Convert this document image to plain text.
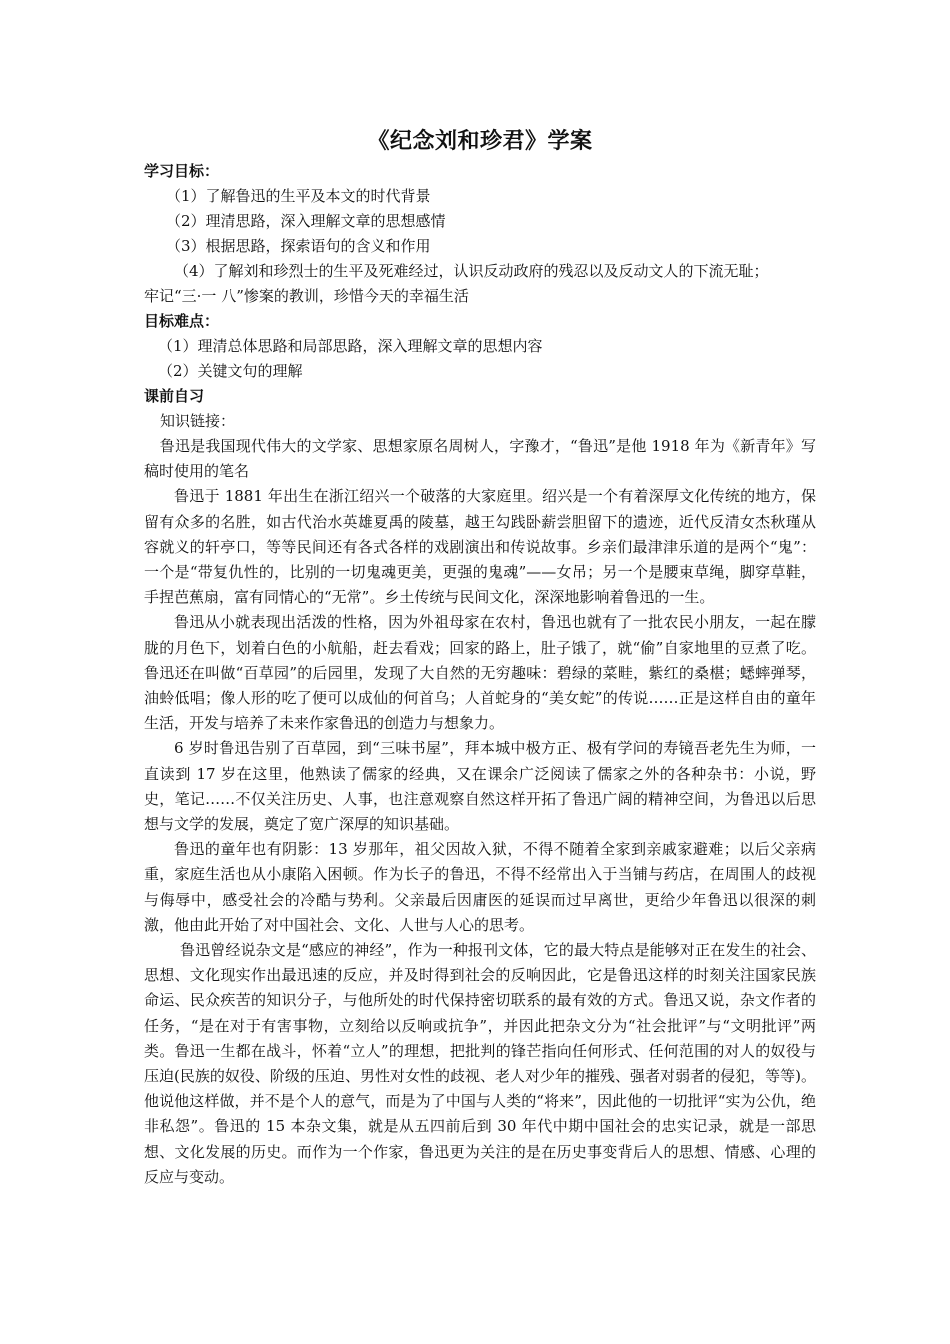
《纪念刘和珍君》学案
学习目标：
（1）了解鲁迅的生平及本文的时代背景
（2）理清思路，深入理解文章的思想感情
（3）根据思路，探索语句的含义和作用
（4）了解刘和珍烈士的生平及死难经过，认识反动政府的残忍以及反动文人的下流无耻；
牢记“三·一 八”惨案的教训，珍惜今天的幸福生活
目标难点：
（1）理清总体思路和局部思路，深入理解文章的思想内容
（2）关键文句的理解
课前自习
知识链接：

鲁迅是我国现代伟大的文学家、思想家原名周树人，字豫才，“鲁迅”是他 1918 年为《新青年》写稿时使用的笔名

鲁迅于 1881 年出生在浙江绍兴一个破落的大家庭里。绍兴是一个有着深厚文化传统的地方，保留有众多的名胜，如古代治水英雄夏禹的陵墓，越王勾践卧薪尝胆留下的遗迹，近代反清女杰秋瑾从容就义的轩亭口，等等民间还有各式各样的戏剧演出和传说故事。乡亲们最津津乐道的是两个“鬼”：一个是“带复仇性的，比别的一切鬼魂更美，更强的鬼魂”——女吊；另一个是腰束草绳，脚穿草鞋，手捏芭蕉扇，富有同情心的“无常”。乡土传统与民间文化，深深地影响着鲁迅的一生。

鲁迅从小就表现出活泼的性格，因为外祖母家在农村，鲁迅也就有了一批农民小朋友，一起在朦胧的月色下，划着白色的小航船，赶去看戏；回家的路上，肚子饿了，就“偷”自家地里的豆煮了吃。鲁迅还在叫做“百草园”的后园里，发现了大自然的无穷趣味：碧绿的菜畦，紫红的桑椹；蟋蟀弹琴，油蛉低唱；像人形的吃了便可以成仙的何首乌；人首蛇身的“美女蛇”的传说……正是这样自由的童年生活，开发与培养了未来作家鲁迅的创造力与想象力。

6 岁时鲁迅告别了百草园，到“三味书屋”，拜本城中极方正、极有学问的寿镜吾老先生为师，一直读到 17 岁在这里，他熟读了儒家的经典，又在课余广泛阅读了儒家之外的各种杂书：小说，野史，笔记……不仅关注历史、人事，也注意观察自然这样开拓了鲁迅广阔的精神空间，为鲁迅以后思想与文学的发展，奠定了宽广深厚的知识基础。

鲁迅的童年也有阴影：13 岁那年，祖父因故入狱，不得不随着全家到亲戚家避难；以后父亲病重，家庭生活也从小康陷入困顿。作为长子的鲁迅，不得不经常出入于当铺与药店，在周围人的歧视与侮辱中，感受社会的冷酷与势利。父亲最后因庸医的延误而过早离世，更给少年鲁迅以很深的刺激，他由此开始了对中国社会、文化、人世与人心的思考。

鲁迅曾经说杂文是“感应的神经”，作为一种报刊文体，它的最大特点是能够对正在发生的社会、思想、文化现实作出最迅速的反应，并及时得到社会的反响因此，它是鲁迅这样的时刻关注国家民族命运、民众疾苦的知识分子，与他所处的时代保持密切联系的最有效的方式。鲁迅又说，杂文作者的任务，“是在对于有害事物，立刻给以反响或抗争”，并因此把杂文分为“社会批评”与“文明批评”两类。鲁迅一生都在战斗，怀着“立人”的理想，把批判的锋芒指向任何形式、任何范围的对人的奴役与压迫(民族的奴役、阶级的压迫、男性对女性的歧视、老人对少年的摧残、强者对弱者的侵犯，等等)。他说他这样做，并不是个人的意气，而是为了中国与人类的“将来”，因此他的一切批评“实为公仇，绝非私怨”。鲁迅的 15 本杂文集，就是从五四前后到 30 年代中期中国社会的忠实记录，就是一部思想、文化发展的历史。而作为一个作家，鲁迅更为关注的是在历史事变背后人的思想、情感、心理的反应与变动。
